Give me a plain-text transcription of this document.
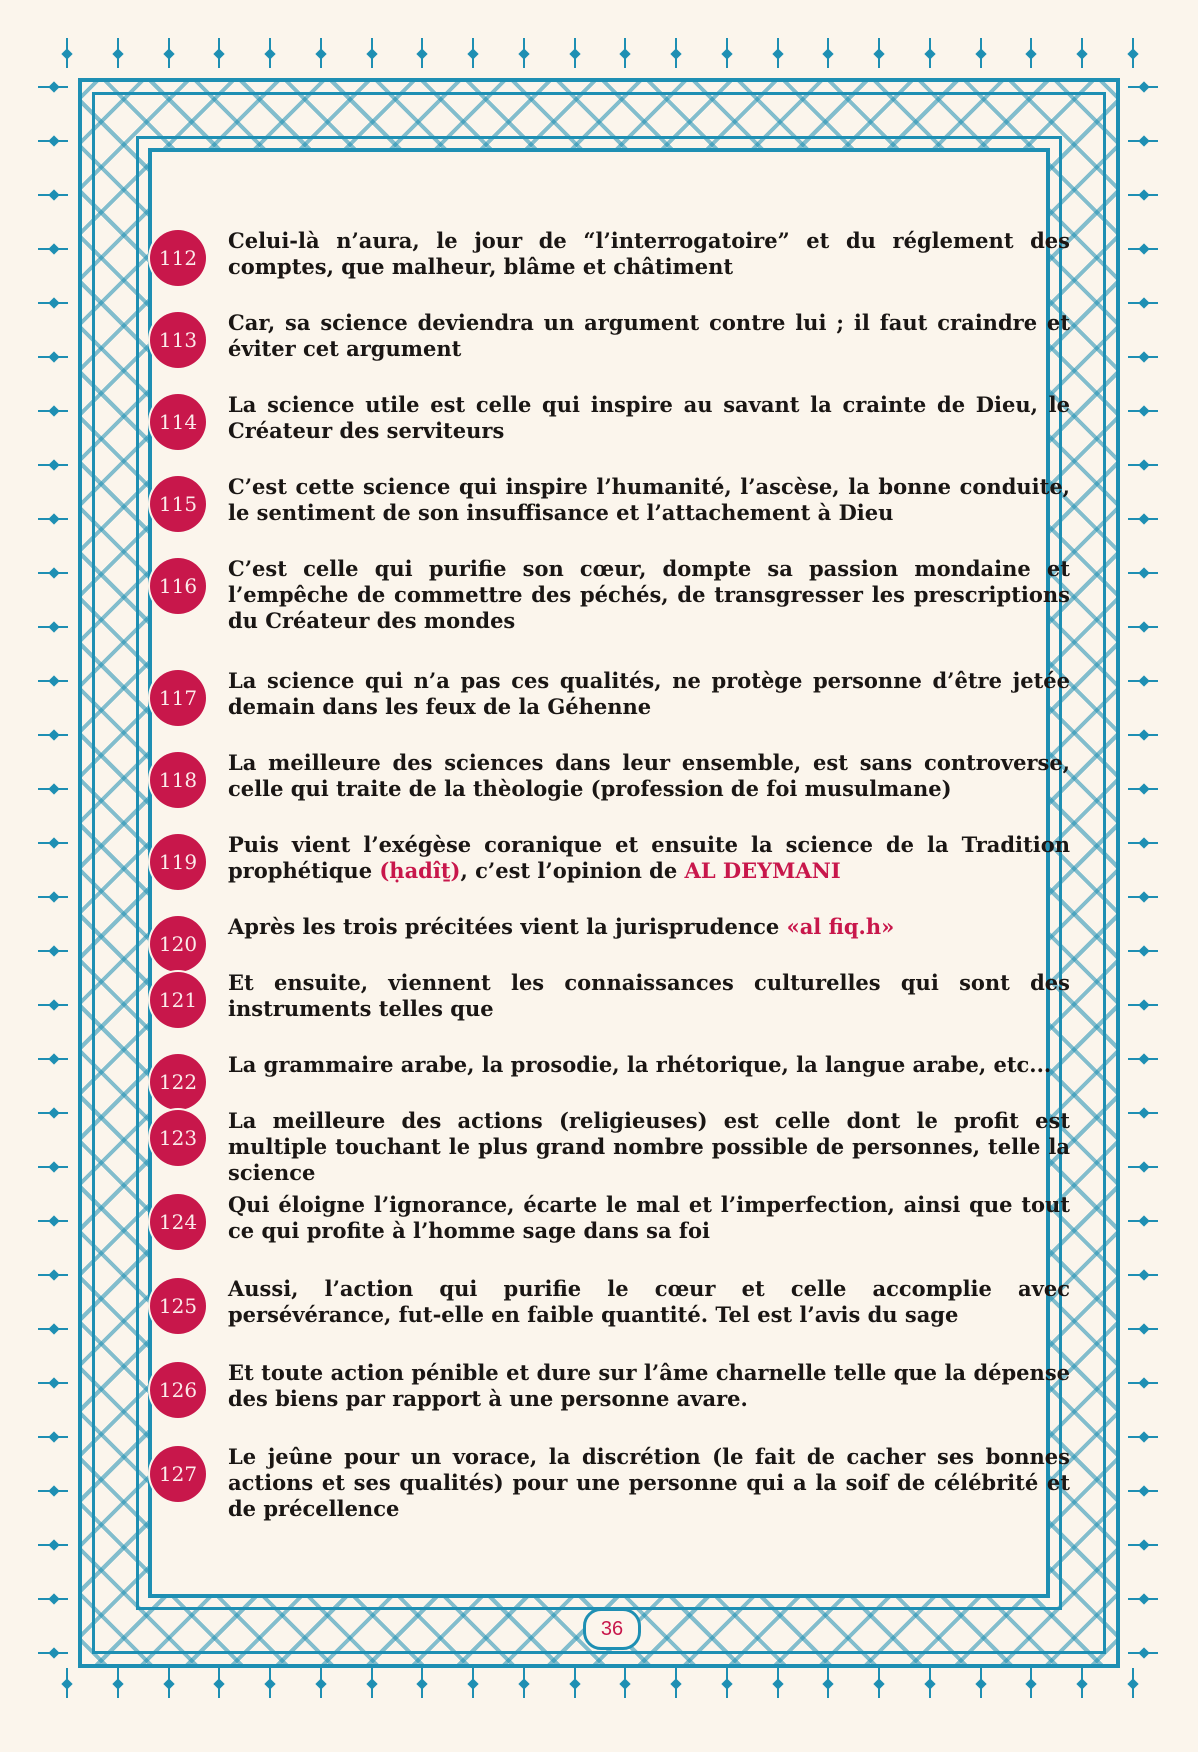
112
Celui-là n’aura, le jour de “l’interrogatoire” et du réglement des comptes, que malheur, blâme et châtiment
113
Car, sa science deviendra un argument contre lui ; il faut craindre et éviter cet argument
114
La science utile est celle qui inspire au savant la crainte de Dieu, le Créateur des serviteurs
115
C’est cette science qui inspire l’humanité, l’ascèse, la bonne conduite, le sentiment de son insuffisance et l’attachement à Dieu
116
C’est celle qui purifie son cœur, dompte sa passion mondaine et l’empêche de commettre des péchés, de transgresser les prescriptions du Créateur des mondes
117
La science qui n’a pas ces qualités, ne protège personne d’être jetée demain dans les feux de la Géhenne
118
La meilleure des sciences dans leur ensemble, est sans controverse, celle qui traite de la thèologie (profession de foi musulmane)
119
Puis vient l’exégèse coranique et ensuite la science de la Tradition prophétique (ḥadîṯ), c’est l’opinion de AL DEYMANI
120
Après les trois précitées vient la jurisprudence «al fiq.h»
121
Et ensuite, viennent les connaissances culturelles qui sont des instruments telles que
122
La grammaire arabe, la prosodie, la rhétorique, la langue arabe, etc...
123
La meilleure des actions (religieuses) est celle dont le profit est multiple touchant le plus grand nombre possible de personnes, telle la science
124
Qui éloigne l’ignorance, écarte le mal et l’imperfection, ainsi que tout ce qui profite à l’homme sage dans sa foi
125
Aussi, l’action qui purifie le cœur et celle accomplie avec persévérance, fut-elle en faible quantité. Tel est l’avis du sage
126
Et toute action pénible et dure sur l’âme charnelle telle que la dépense des biens par rapport à une personne avare.
127
Le jeûne pour un vorace, la discrétion (le fait de cacher ses bonnes actions et ses qualités) pour une personne qui a la soif de célébrité et de précellence
36
